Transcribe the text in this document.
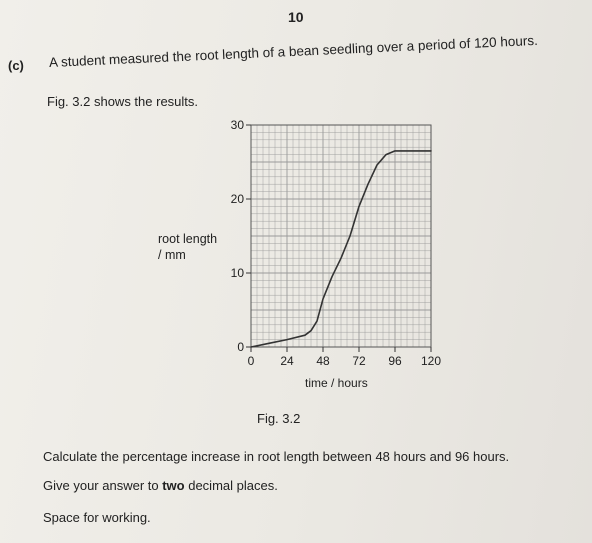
10
(c) A student measured the root length of a bean seedling over a period of 120 hours.
Fig. 3.2 shows the results.
0
10
20
30
0 24 48 72 96 120
root length
/ mm
time / hours
Fig. 3.2
Calculate the percentage increase in root length between 48 hours and 96 hours.
Give your answer to two decimal places.
Space for working.
